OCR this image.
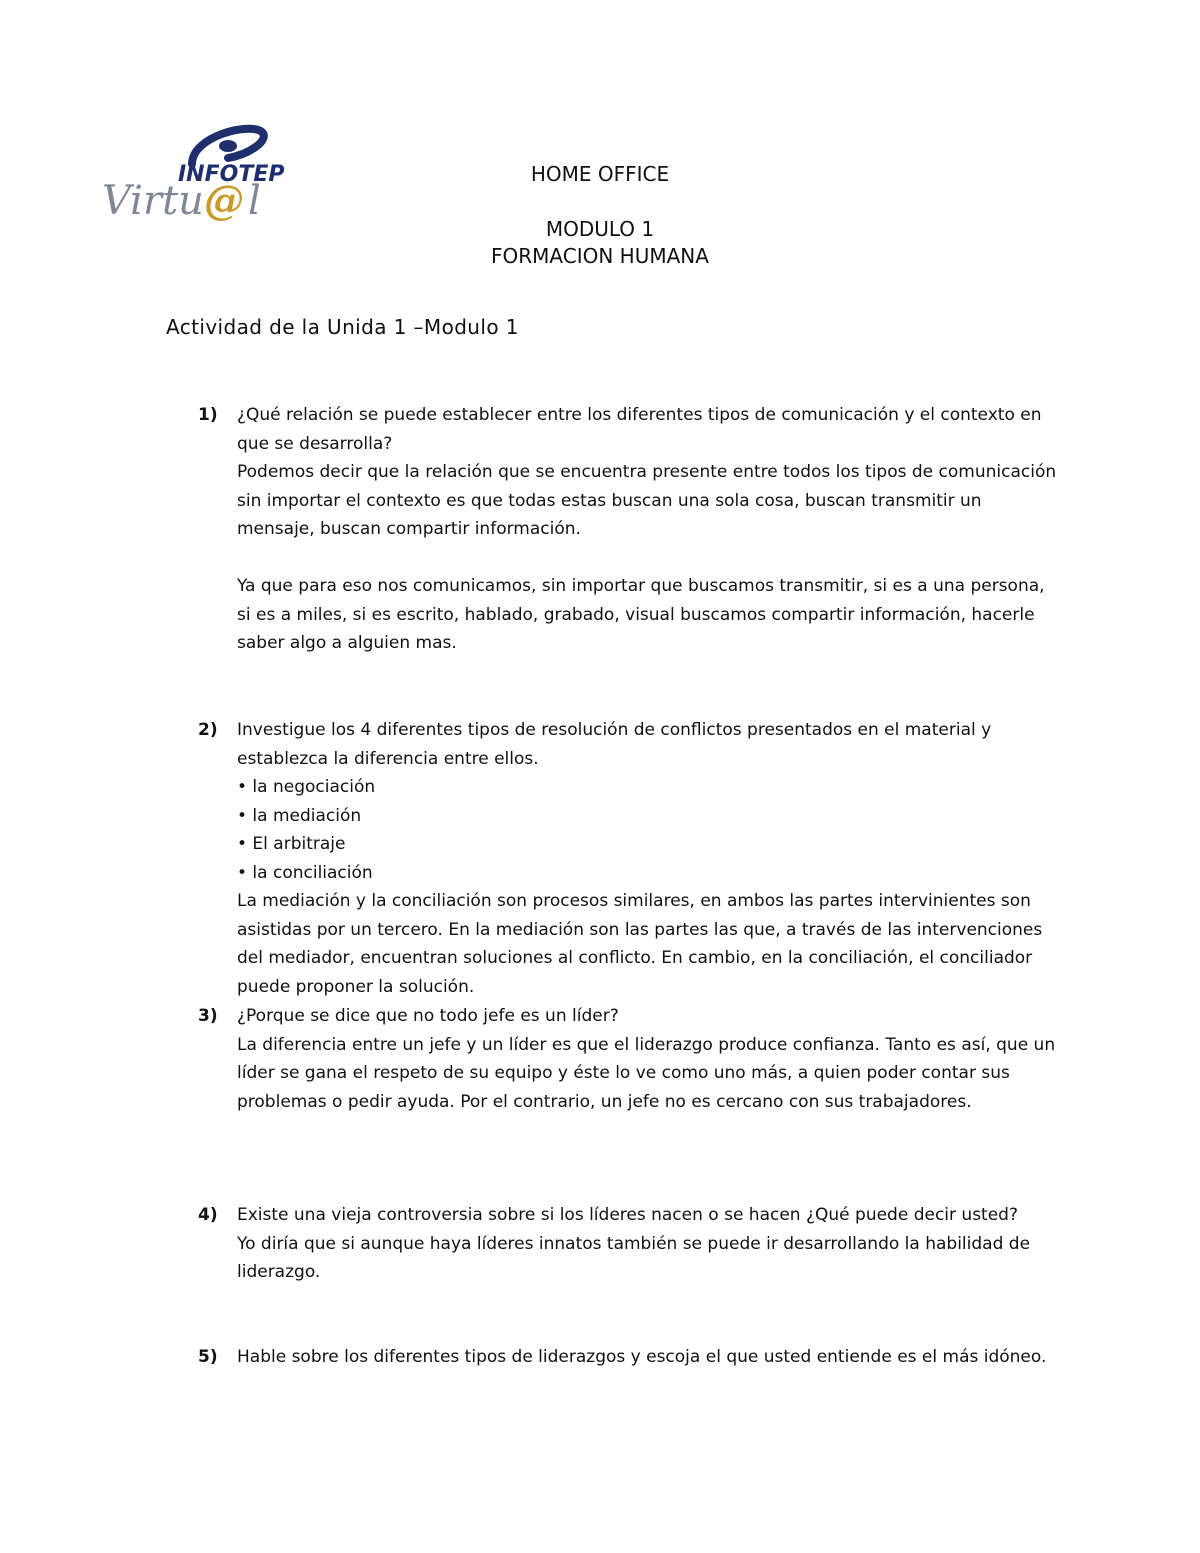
INFOTEP
Virtu @ l
HOME OFFICE
MODULO 1
FORMACION HUMANA
Actividad de la Unida 1 –Modulo 1
1) ¿Qué relación se puede establecer entre los diferentes tipos de comunicación y el contexto en que se desarrolla?

Podemos decir que la relación que se encuentra presente entre todos los tipos de comunicación sin importar el contexto es que todas estas buscan una sola cosa, buscan transmitir un mensaje, buscan compartir información.

Ya que para eso nos comunicamos, sin importar que buscamos transmitir, si es a una persona, si es a miles, si es escrito, hablado, grabado, visual buscamos compartir información, hacerle saber algo a alguien mas.

2) Investigue los 4 diferentes tipos de resolución de conflictos presentados en el material y establezca la diferencia entre ellos.

• la negociación

• la mediación

• El arbitraje

• la conciliación

La mediación y la conciliación son procesos similares, en ambos las partes intervinientes son asistidas por un tercero. En la mediación son las partes las que, a través de las intervenciones del mediador, encuentran soluciones al conflicto. En cambio, en la conciliación, el conciliador puede proponer la solución.

3) ¿Porque se dice que no todo jefe es un líder?

La diferencia entre un jefe y un líder es que el liderazgo produce confianza. Tanto es así, que un líder se gana el respeto de su equipo y éste lo ve como uno más, a quien poder contar sus problemas o pedir ayuda. Por el contrario, un jefe no es cercano con sus trabajadores.

4) Existe una vieja controversia sobre si los líderes nacen o se hacen ¿Qué puede decir usted?

Yo diría que si aunque haya líderes innatos también se puede ir desarrollando la habilidad de liderazgo.

5) Hable sobre los diferentes tipos de liderazgos y escoja el que usted entiende es el más idóneo.
